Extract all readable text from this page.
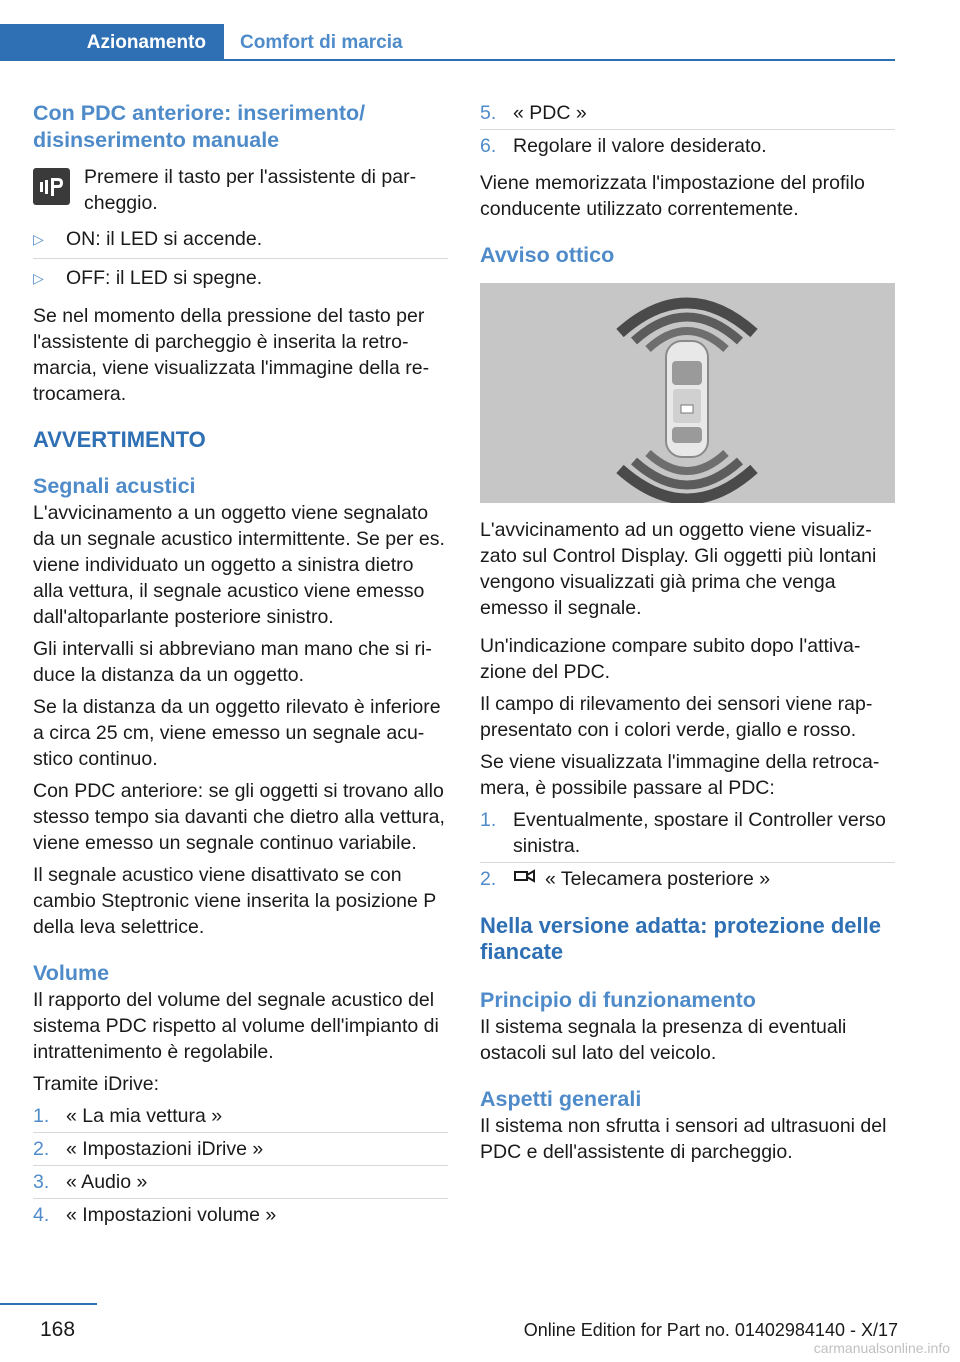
Azionamento	Comfort di marcia
Con PDC anteriore: inserimento/ disinserimento manuale
Premere il tasto per l'assistente di parcheggio.
▷ ON: il LED si accende.
▷ OFF: il LED si spegne.

Se nel momento della pressione del tasto per l'assistente di parcheggio è inserita la retromarcia, viene visualizzata l'immagine della retrocamera.

AVVERTIMENTO
Segnali acustici

L'avvicinamento a un oggetto viene segnalato da un segnale acustico intermittente. Se per es. viene individuato un oggetto a sinistra dietro alla vettura, il segnale acustico viene emesso dall'altoparlante posteriore sinistro.

Gli intervalli si abbreviano man mano che si riduce la distanza da un oggetto.

Se la distanza da un oggetto rilevato è inferiore a circa 25 cm, viene emesso un segnale acustico continuo.

Con PDC anteriore: se gli oggetti si trovano allo stesso tempo sia davanti che dietro alla vettura, viene emesso un segnale continuo variabile.

Il segnale acustico viene disattivato se con cambio Steptronic viene inserita la posizione P della leva selettrice.

Volume

Il rapporto del volume del segnale acustico del sistema PDC rispetto al volume dell'impianto di intrattenimento è regolabile.

Tramite iDrive:

1. « La mia vettura »
2. « Impostazioni iDrive »
3. « Audio »
4. « Impostazioni volume »
5. « PDC »
6. Regolare il valore desiderato.

Viene memorizzata l'impostazione del profilo conducente utilizzato correntemente.

Avviso ottico

L'avvicinamento ad un oggetto viene visualizzato sul Control Display. Gli oggetti più lontani vengono visualizzati già prima che venga emesso il segnale.

Un'indicazione compare subito dopo l'attivazione del PDC.

Il campo di rilevamento dei sensori viene rappresentato con i colori verde, giallo e rosso.

Se viene visualizzata l'immagine della retrocamera, è possibile passare al PDC:

1. Eventualmente, spostare il Controller verso sinistra.
2. « Telecamera posteriore »
Nella versione adatta: protezione delle fiancate
Principio di funzionamento

Il sistema segnala la presenza di eventuali ostacoli sul lato del veicolo.

Aspetti generali

Il sistema non sfrutta i sensori ad ultrasuoni del PDC e dell'assistente di parcheggio.

168	Online Edition for Part no. 01402984140 - X/17
carmanualsonline.info
